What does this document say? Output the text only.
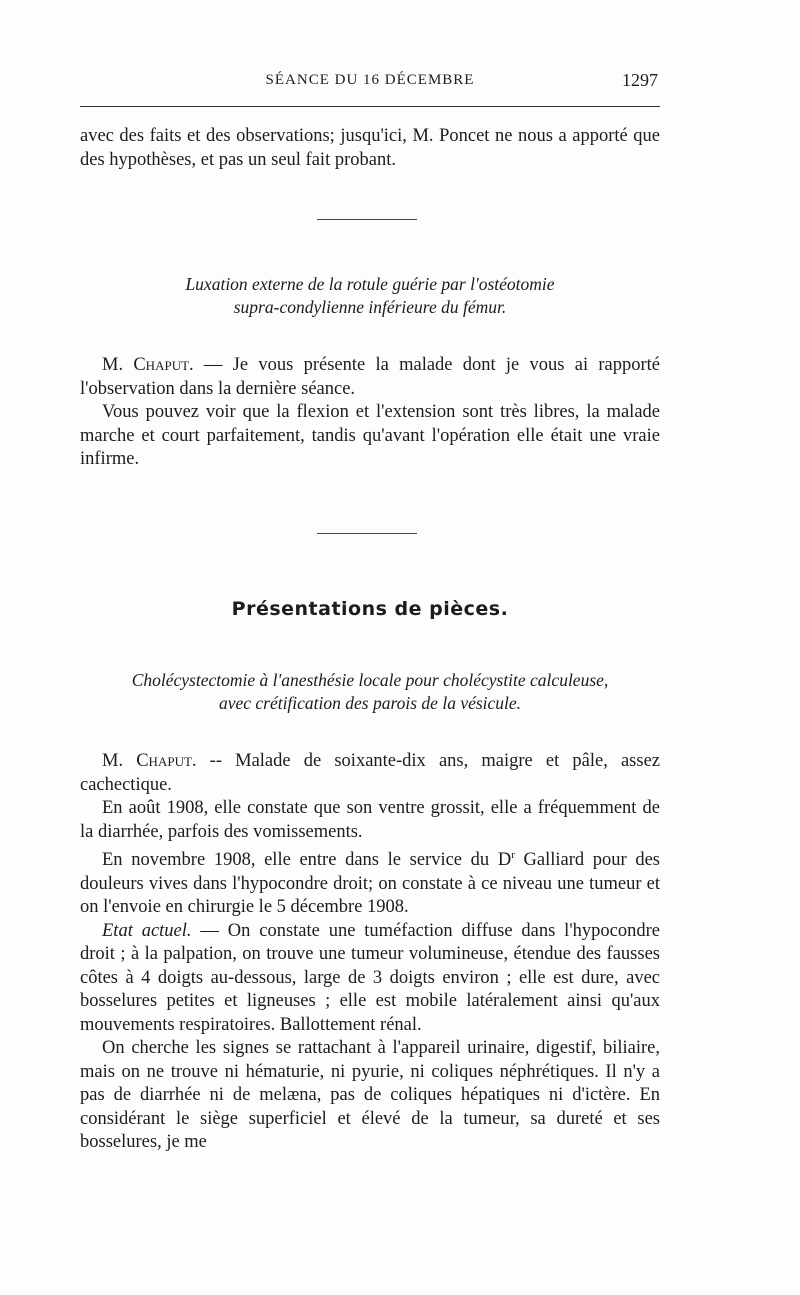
SÉANCE DU 16 DÉCEMBRE	1297

avec des faits et des observations; jusqu'ici, M. Poncet ne nous a apporté que des hypothèses, et pas un seul fait probant.

Luxation externe de la rotule guérie par l'ostéotomie
supra-condylienne inférieure du fémur.

M. Chaput. — Je vous présente la malade dont je vous ai rapporté l'observation dans la dernière séance.

Vous pouvez voir que la flexion et l'extension sont très libres, la malade marche et court parfaitement, tandis qu'avant l'opération elle était une vraie infirme.

Présentations de pièces.
Cholécystectomie à l'anesthésie locale pour cholécystite calculeuse,
avec crétification des parois de la vésicule.

M. Chaput. -- Malade de soixante-dix ans, maigre et pâle, assez cachectique.

En août 1908, elle constate que son ventre grossit, elle a fréquemment de la diarrhée, parfois des vomissements.

En novembre 1908, elle entre dans le service du $D^r$ Galliard pour des douleurs vives dans l'hypocondre droit; on constate à ce niveau une tumeur et on l'envoie en chirurgie le 5 décembre 1908.

Etat actuel. — On constate une tuméfaction diffuse dans l'hypocondre droit ; à la palpation, on trouve une tumeur volumineuse, étendue des fausses côtes à 4 doigts au-dessous, large de 3 doigts environ ; elle est dure, avec bosselures petites et ligneuses ; elle est mobile latéralement ainsi qu'aux mouvements respiratoires. Ballottement rénal.

On cherche les signes se rattachant à l'appareil urinaire, digestif, biliaire, mais on ne trouve ni hématurie, ni pyurie, ni coliques néphrétiques. Il n'y a pas de diarrhée ni de melæna, pas de coliques hépatiques ni d'ictère. En considérant le siège superficiel et élevé de la tumeur, sa dureté et ses bosselures, je me
